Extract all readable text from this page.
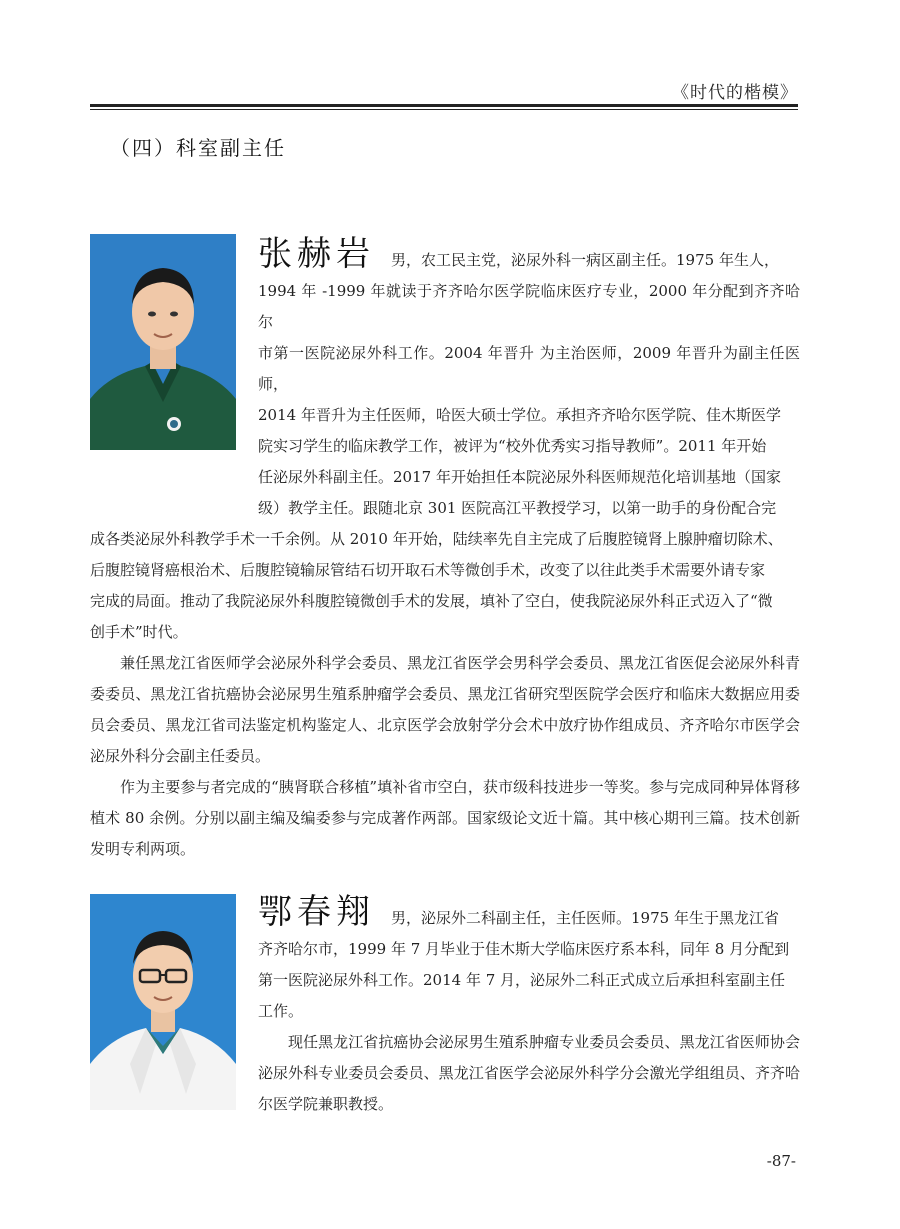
《时代的楷模》
（四）科室副主任
张赫岩 男，农工民主党，泌尿外科一病区副主任。1975 年生人，

1994 年 -1999 年就读于齐齐哈尔医学院临床医疗专业，2000 年分配到齐齐哈尔

市第一医院泌尿外科工作。2004 年晋升 为主治医师，2009 年晋升为副主任医师，

2014 年晋升为主任医师，哈医大硕士学位。承担齐齐哈尔医学院、佳木斯医学

院实习学生的临床教学工作，被评为“校外优秀实习指导教师”。2011 年开始

任泌尿外科副主任。2017 年开始担任本院泌尿外科医师规范化培训基地（国家

级）教学主任。跟随北京 301 医院高江平教授学习，以第一助手的身份配合完

成各类泌尿外科教学手术一千余例。从 2010 年开始，陆续率先自主完成了后腹腔镜肾上腺肿瘤切除术、

后腹腔镜肾癌根治术、后腹腔镜输尿管结石切开取石术等微创手术，改变了以往此类手术需要外请专家

完成的局面。推动了我院泌尿外科腹腔镜微创手术的发展，填补了空白，使我院泌尿外科正式迈入了“微

创手术”时代。

兼任黑龙江省医师学会泌尿外科学会委员、黑龙江省医学会男科学会委员、黑龙江省医促会泌尿外科青委委员、黑龙江省抗癌协会泌尿男生殖系肿瘤学会委员、黑龙江省研究型医院学会医疗和临床大数据应用委员会委员、黑龙江省司法鉴定机构鉴定人、北京医学会放射学分会术中放疗协作组成员、齐齐哈尔市医学会泌尿外科分会副主任委员。

作为主要参与者完成的“胰肾联合移植”填补省市空白，获市级科技进步一等奖。参与完成同种异体肾移植术 80 余例。分别以副主编及编委参与完成著作两部。国家级论文近十篇。其中核心期刊三篇。技术创新发明专利两项。

鄂春翔 男，泌尿外二科副主任，主任医师。1975 年生于黑龙江省

齐齐哈尔市，1999 年 7 月毕业于佳木斯大学临床医疗系本科，同年 8 月分配到

第一医院泌尿外科工作。2014 年 7 月，泌尿外二科正式成立后承担科室副主任

工作。

现任黑龙江省抗癌协会泌尿男生殖系肿瘤专业委员会委员、黑龙江省医师协会泌尿外科专业委员会委员、黑龙江省医学会泌尿外科学分会激光学组组员、齐齐哈尔医学院兼职教授。

-87-
